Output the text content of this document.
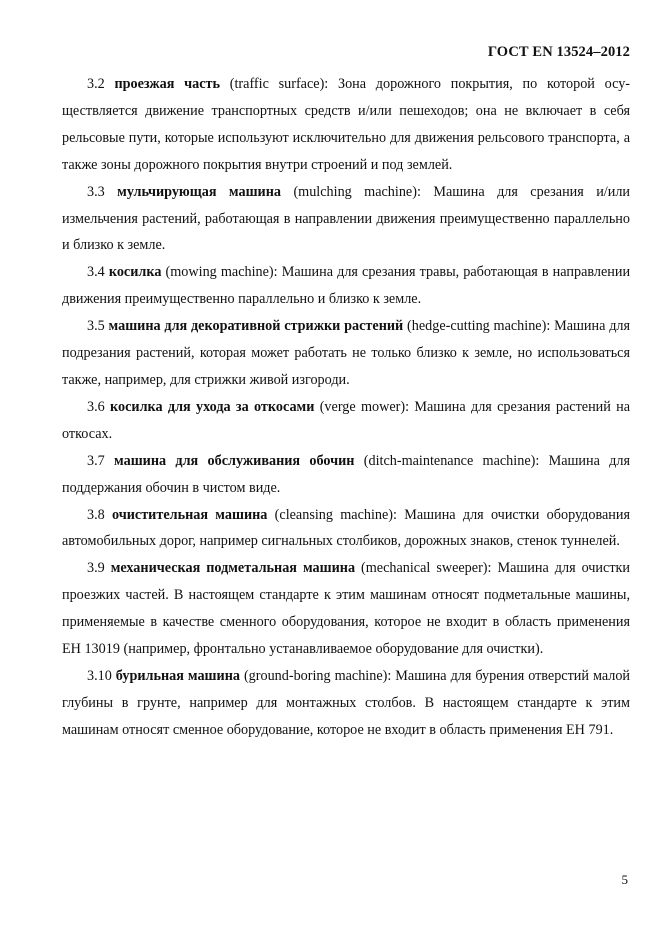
ГОСТ EN 13524–2012

3.2 проезжая часть (traffic surface): Зона дорожного покрытия, по которой осуществляется движение транспортных средств и/или пешеходов; она не включает в себя рельсовые пути, которые используют исключительно для движения рельсового транспорта, а также зоны дорожного покрытия внутри строений и под землей.

3.3 мульчирующая машина (mulching machine): Машина для срезания и/или измельчения растений, работающая в направлении движения преимущественно параллельно и близко к земле.

3.4 косилка (mowing machine): Машина для срезания травы, работающая в направлении движения преимущественно параллельно и близко к земле.

3.5 машина для декоративной стрижки растений (hedge-cutting machine): Машина для подрезания растений, которая может работать не только близко к земле, но использоваться также, например, для стрижки живой изгороди.

3.6 косилка для ухода за откосами (verge mower): Машина для срезания растений на откосах.

3.7 машина для обслуживания обочин (ditch-maintenance machine): Машина для поддержания обочин в чистом виде.

3.8 очистительная машина (cleansing machine): Машина для очистки оборудования автомобильных дорог, например сигнальных столбиков, дорожных знаков, стенок туннелей.

3.9 механическая подметальная машина (mechanical sweeper): Машина для очистки проезжих частей. В настоящем стандарте к этим машинам относят подметальные машины, применяемые в качестве сменного оборудования, которое не входит в область применения ЕН 13019 (например, фронтально устанавливаемое оборудование для очистки).

3.10 бурильная машина (ground-boring machine): Машина для бурения отверстий малой глубины в грунте, например для монтажных столбов. В настоящем стандарте к этим машинам относят сменное оборудование, которое не входит в область применения ЕН 791.

5
